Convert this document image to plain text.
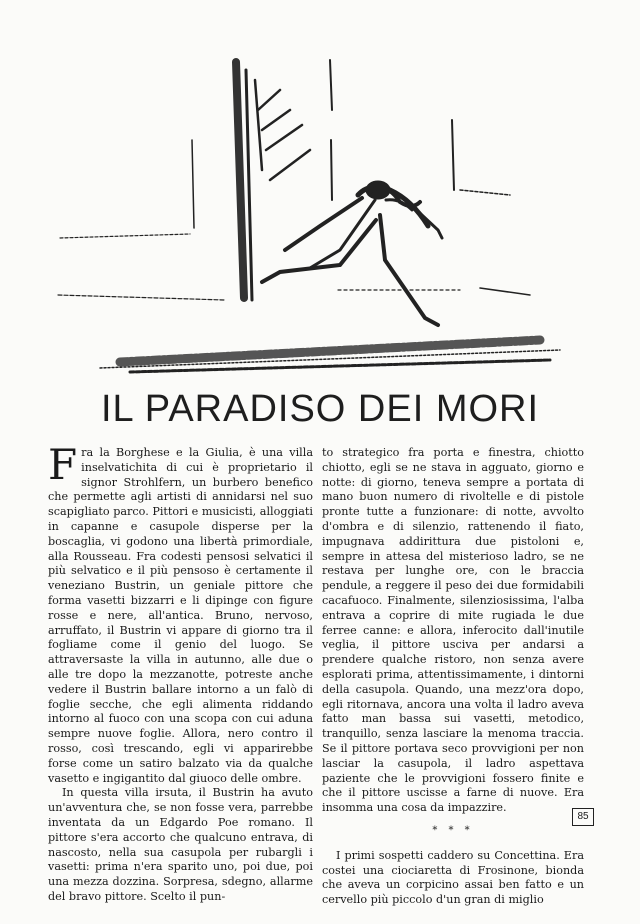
IL PARADISO DEI MORI

Fra la Borghese e la Giulia, è una villa inselvatichita di cui è proprietario il signor Strohlfern, un burbero benefico che permette agli artisti di annidarsi nel suo scapigliato parco. Pittori e musicisti, alloggiati in capanne e casupole disperse per la boscaglia, vi godono una libertà primordiale, alla Rousseau. Fra codesti pensosi selvatici il più selvatico e il più pensoso è certamente il veneziano Bustrin, un geniale pittore che forma vasetti bizzarri e li dipinge con figure rosse e nere, all'antica. Bruno, nervoso, arruffato, il Bustrin vi appare di giorno tra il fogliame come il genio del luogo. Se attraversaste la villa in autunno, alle due o alle tre dopo la mezzanotte, potreste anche vedere il Bustrin ballare intorno a un falò di foglie secche, che egli alimenta riddando intorno al fuoco con una scopa con cui aduna sempre nuove foglie. Allora, nero contro il rosso, così trescando, egli vi apparirebbe forse come un satiro balzato via da qualche vasetto e ingigantito dal giuoco delle ombre.

In questa villa irsuta, il Bustrin ha avuto un'avventura che, se non fosse vera, parrebbe inventata da un Edgardo Poe romano. Il pittore s'era accorto che qualcuno entrava, di nascosto, nella sua casupola per rubargli i vasetti: prima n'era sparito uno, poi due, poi una mezza dozzina. Sorpresa, sdegno, allarme del bravo pittore. Scelto il pun-

to strategico fra porta e finestra, chiotto chiotto, egli se ne stava in agguato, giorno e notte: di giorno, teneva sempre a portata di mano buon numero di rivoltelle e di pistole pronte tutte a funzionare: di notte, avvolto d'ombra e di silenzio, rattenendo il fiato, impugnava addirittura due pistoloni e, sempre in attesa del misterioso ladro, se ne restava per lunghe ore, con le braccia pendule, a reggere il peso dei due formidabili cacafuoco. Finalmente, silenziosissima, l'alba entrava a coprire di mite rugiada le due ferree canne: e allora, inferocito dall'inutile veglia, il pittore usciva per andarsi a prendere qualche ristoro, non senza avere esplorati prima, attentissimamente, i dintorni della casupola. Quando, una mezz'ora dopo, egli ritornava, ancora una volta il ladro aveva fatto man bassa sui vasetti, metodico, tranquillo, senza lasciare la menoma traccia. Se il pittore portava seco provvigioni per non lasciar la casupola, il ladro aspettava paziente che le provvigioni fossero finite e che il pittore uscisse a farne di nuove. Era insomma una cosa da impazzire.

* * *

I primi sospetti caddero su Concettina. Era costei una ciociaretta di Frosinone, bionda che aveva un corpicino assai ben fatto e un cervello più piccolo d'un gran di miglio

85
